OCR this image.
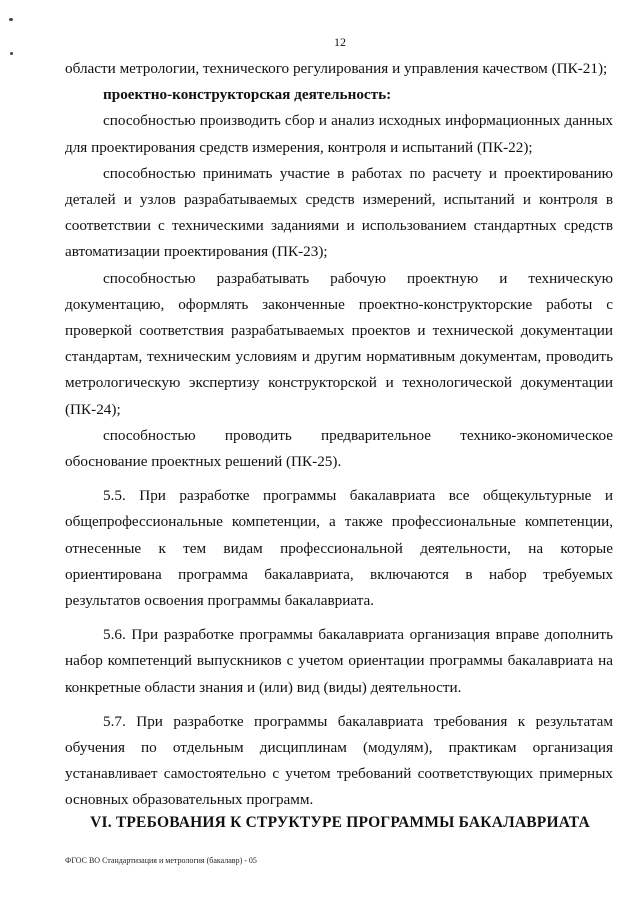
12

области метрологии, технического регулирования и управления качеством (ПК-21);

проектно-конструкторская деятельность:

способностью производить сбор и анализ исходных информационных данных для проектирования средств измерения, контроля и испытаний (ПК-22);

способностью принимать участие в работах по расчету и проектированию деталей и узлов разрабатываемых средств измерений, испытаний и контроля в соответствии с техническими заданиями и использованием стандартных средств автоматизации проектирования (ПК-23);

способностью разрабатывать рабочую проектную и техническую документацию, оформлять законченные проектно-конструкторские работы с проверкой соответствия разрабатываемых проектов и технической документации стандартам, техническим условиям и другим нормативным документам, проводить метрологическую экспертизу конструкторской и технологической документации (ПК-24);

способностью проводить предварительное технико-экономическое обоснование проектных решений (ПК-25).

5.5. При разработке программы бакалавриата все общекультурные и общепрофессиональные компетенции, а также профессиональные компетенции, отнесенные к тем видам профессиональной деятельности, на которые ориентирована программа бакалавриата, включаются в набор требуемых результатов освоения программы бакалавриата.

5.6. При разработке программы бакалавриата организация вправе дополнить набор компетенций выпускников с учетом ориентации программы бакалавриата на конкретные области знания и (или) вид (виды) деятельности.

5.7. При разработке программы бакалавриата требования к результатам обучения по отдельным дисциплинам (модулям), практикам организация устанавливает самостоятельно с учетом требований соответствующих примерных основных образовательных программ.

VI. ТРЕБОВАНИЯ К СТРУКТУРЕ ПРОГРАММЫ БАКАЛАВРИАТА
ФГОС ВО Стандартизация и метрология (бакалавр) - 05
